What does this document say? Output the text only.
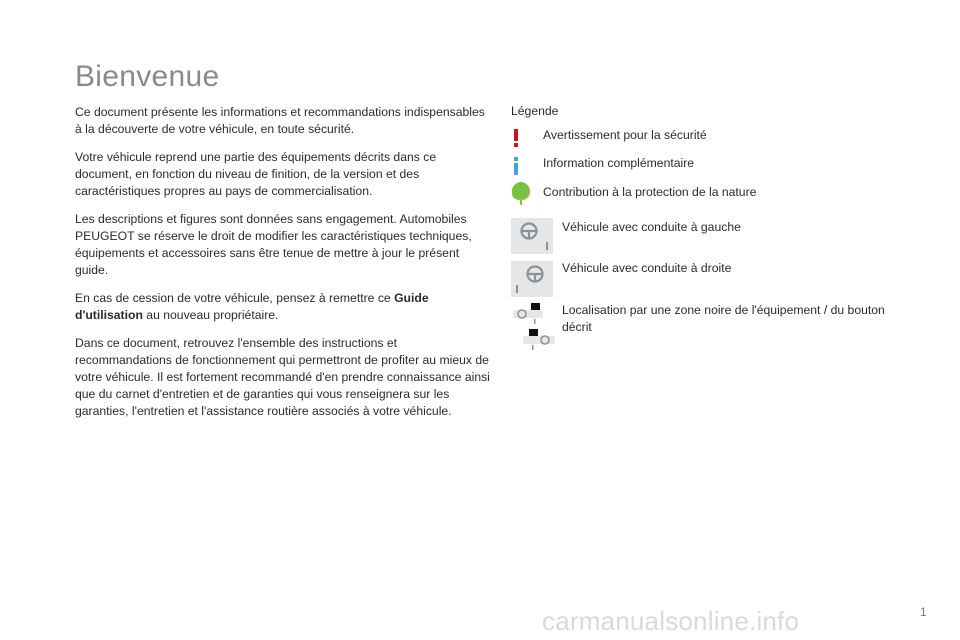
Bienvenue

Ce document présente les informations et recommandations indispensables à la découverte de votre véhicule, en toute sécurité.

Votre véhicule reprend une partie des équipements décrits dans ce document, en fonction du niveau de finition, de la version et des caractéristiques propres au pays de commercialisation.

Les descriptions et figures sont données sans engagement. Automobiles PEUGEOT se réserve le droit de modifier les caractéristiques techniques, équipements et accessoires sans être tenue de mettre à jour le présent guide.

En cas de cession de votre véhicule, pensez à remettre ce Guide d'utilisation au nouveau propriétaire.

Dans ce document, retrouvez l'ensemble des instructions et recommandations de fonctionnement qui permettront de profiter au mieux de votre véhicule. Il est fortement recommandé d'en prendre connaissance ainsi que du carnet d'entretien et de garanties qui vous renseignera sur les garanties, l'entretien et l'assistance routière associés à votre véhicule.

Légende
Avertissement pour la sécurité
Information complémentaire
Contribution à la protection de la nature
Véhicule avec conduite à gauche
Véhicule avec conduite à droite
Localisation par une zone noire de l'équipement / du bouton décrit
carmanualsonline.info	1
